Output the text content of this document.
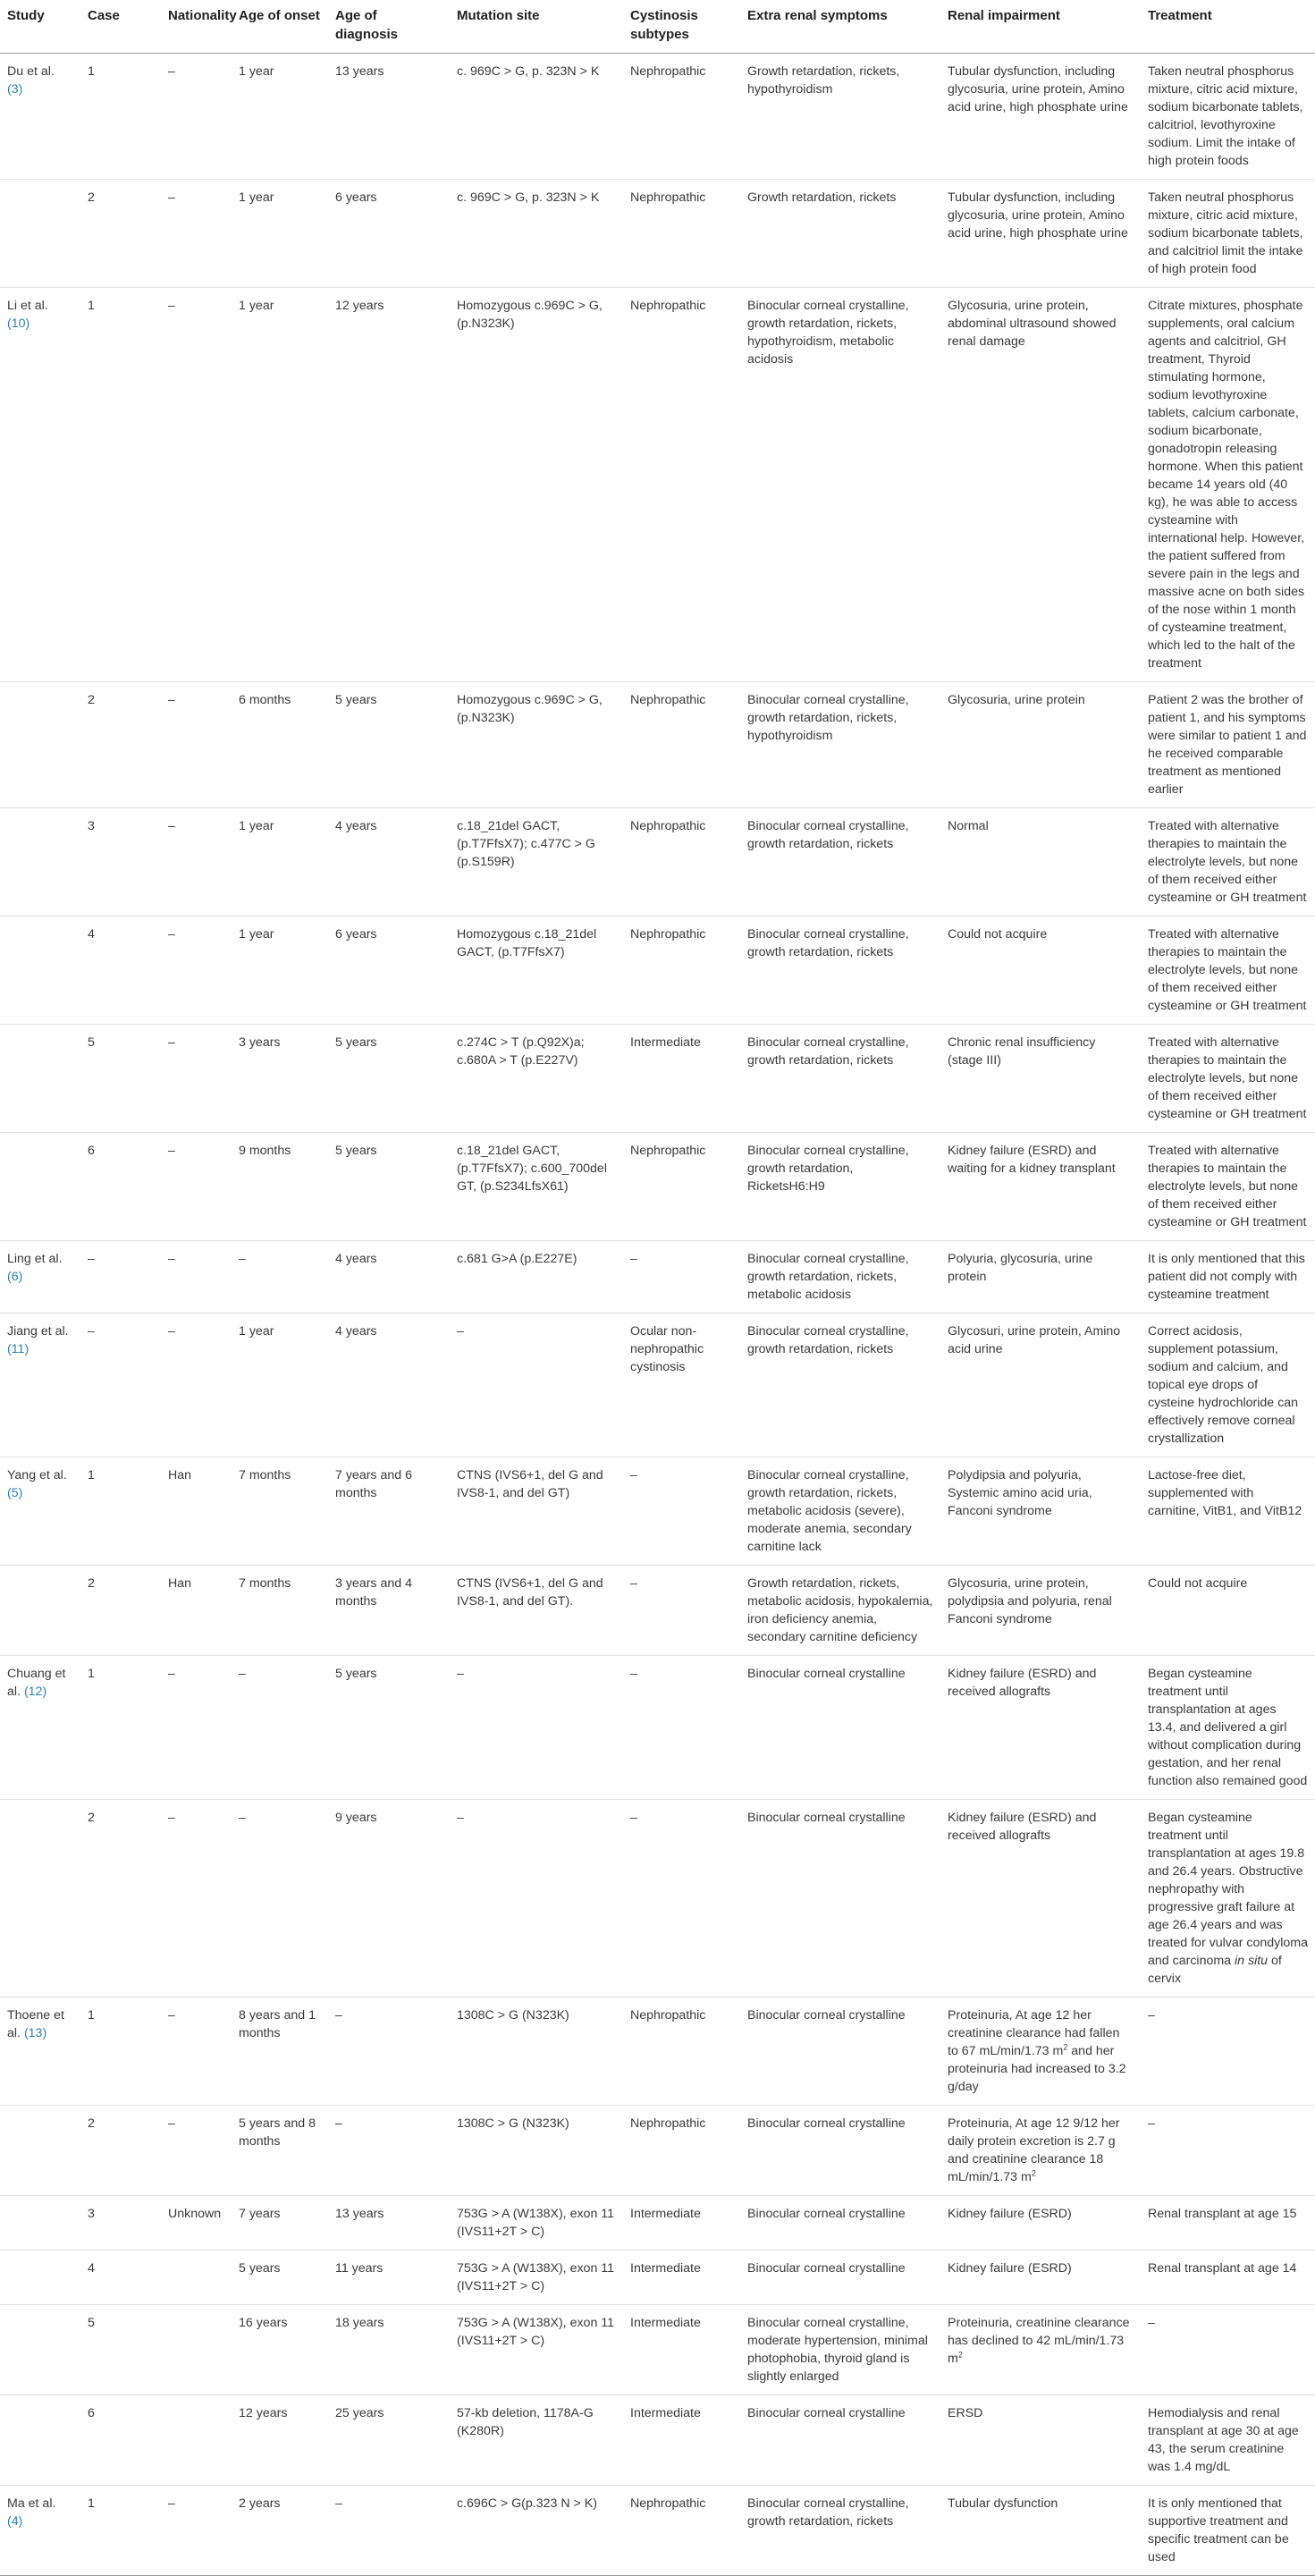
Study	Case	Nationality	Age of onset	Age of diagnosis	Mutation site	Cystinosis subtypes	Extra renal symptoms	Renal impairment	Treatment
Du et al. (3)	1	–	1 year	13 years	c. 969C > G, p. 323N > K	Nephropathic	Growth retardation, rickets, hypothyroidism	Tubular dysfunction, including glycosuria, urine protein, Amino acid urine, high phosphate urine	Taken neutral phosphorus mixture, citric acid mixture, sodium bicarbonate tablets, calcitriol, levothyroxine sodium. Limit the intake of high protein foods
	2	–	1 year	6 years	c. 969C > G, p. 323N > K	Nephropathic	Growth retardation, rickets	Tubular dysfunction, including glycosuria, urine protein, Amino acid urine, high phosphate urine	Taken neutral phosphorus mixture, citric acid mixture, sodium bicarbonate tablets, and calcitriol limit the intake of high protein food
Li et al. (10)	1	–	1 year	12 years	Homozygous c.969C > G, (p.N323K)	Nephropathic	Binocular corneal crystalline, growth retardation, rickets, hypothyroidism, metabolic acidosis	Glycosuria, urine protein, abdominal ultrasound showed renal damage	Citrate mixtures, phosphate supplements, oral calcium agents and calcitriol, GH treatment, Thyroid stimulating hormone, sodium levothyroxine tablets, calcium carbonate, sodium bicarbonate, gonadotropin releasing hormone. When this patient became 14 years old (40 kg), he was able to access cysteamine with international help. However, the patient suffered from severe pain in the legs and massive acne on both sides of the nose within 1 month of cysteamine treatment, which led to the halt of the treatment
	2	–	6 months	5 years	Homozygous c.969C > G, (p.N323K)	Nephropathic	Binocular corneal crystalline, growth retardation, rickets, hypothyroidism	Glycosuria, urine protein	Patient 2 was the brother of patient 1, and his symptoms were similar to patient 1 and he received comparable treatment as mentioned earlier
	3	–	1 year	4 years	c.18_21del GACT, (p.T7FfsX7); c.477C > G (p.S159R)	Nephropathic	Binocular corneal crystalline, growth retardation, rickets	Normal	Treated with alternative therapies to maintain the electrolyte levels, but none of them received either cysteamine or GH treatment
	4	–	1 year	6 years	Homozygous c.18_21del GACT, (p.T7FfsX7)	Nephropathic	Binocular corneal crystalline, growth retardation, rickets	Could not acquire	Treated with alternative therapies to maintain the electrolyte levels, but none of them received either cysteamine or GH treatment
	5	–	3 years	5 years	c.274C > T (p.Q92X)a; c.680A > T (p.E227V)	Intermediate	Binocular corneal crystalline, growth retardation, rickets	Chronic renal insufficiency (stage III)	Treated with alternative therapies to maintain the electrolyte levels, but none of them received either cysteamine or GH treatment
	6	–	9 months	5 years	c.18_21del GACT, (p.T7FfsX7); c.600_700del GT, (p.S234LfsX61)	Nephropathic	Binocular corneal crystalline, growth retardation, RicketsH6:H9	Kidney failure (ESRD) and waiting for a kidney transplant	Treated with alternative therapies to maintain the electrolyte levels, but none of them received either cysteamine or GH treatment
Ling et al. (6)	–	–	–	4 years	c.681 G>A (p.E227E)	–	Binocular corneal crystalline, growth retardation, rickets, metabolic acidosis	Polyuria, glycosuria, urine protein	It is only mentioned that this patient did not comply with cysteamine treatment
Jiang et al. (11)	–	–	1 year	4 years	–	Ocular non-nephropathic cystinosis	Binocular corneal crystalline, growth retardation, rickets	Glycosuri, urine protein, Amino acid urine	Correct acidosis, supplement potassium, sodium and calcium, and topical eye drops of cysteine hydrochloride can effectively remove corneal crystallization
Yang et al. (5)	1	Han	7 months	7 years and 6 months	CTNS (IVS6+1, del G and IVS8-1, and del GT)	–	Binocular corneal crystalline, growth retardation, rickets, metabolic acidosis (severe), moderate anemia, secondary carnitine lack	Polydipsia and polyuria, Systemic amino acid uria, Fanconi syndrome	Lactose-free diet, supplemented with carnitine, VitB1, and VitB12
	2	Han	7 months	3 years and 4 months	CTNS (IVS6+1, del G and IVS8-1, and del GT).	–	Growth retardation, rickets, metabolic acidosis, hypokalemia, iron deficiency anemia, secondary carnitine deficiency	Glycosuria, urine protein, polydipsia and polyuria, renal Fanconi syndrome	Could not acquire
Chuang et al. (12)	1	–	–	5 years	–	–	Binocular corneal crystalline	Kidney failure (ESRD) and received allografts	Began cysteamine treatment until transplantation at ages 13.4, and delivered a girl without complication during gestation, and her renal function also remained good
	2	–	–	9 years	–	–	Binocular corneal crystalline	Kidney failure (ESRD) and received allografts	Began cysteamine treatment until transplantation at ages 19.8 and 26.4 years. Obstructive nephropathy with progressive graft failure at age 26.4 years and was treated for vulvar condyloma and carcinoma in situ of cervix
Thoene et al. (13)	1	–	8 years and 1 months	–	1308C > G (N323K)	Nephropathic	Binocular corneal crystalline	Proteinuria, At age 12 her creatinine clearance had fallen to 67 mL/min/1.73 $m^2$ and her proteinuria had increased to 3.2 g/day	–
	2	–	5 years and 8 months	–	1308C > G (N323K)	Nephropathic	Binocular corneal crystalline	Proteinuria, At age 12 9/12 her daily protein excretion is 2.7 g and creatinine clearance 18 mL/min/1.73 $m^2$	–
	3	Unknown	7 years	13 years	753G > A (W138X), exon 11 (IVS11+2T > C)	Intermediate	Binocular corneal crystalline	Kidney failure (ESRD)	Renal transplant at age 15
	4		5 years	11 years	753G > A (W138X), exon 11 (IVS11+2T > C)	Intermediate	Binocular corneal crystalline	Kidney failure (ESRD)	Renal transplant at age 14
	5		16 years	18 years	753G > A (W138X), exon 11 (IVS11+2T > C)	Intermediate	Binocular corneal crystalline, moderate hypertension, minimal photophobia, thyroid gland is slightly enlarged	Proteinuria, creatinine clearance has declined to 42 mL/min/1.73 $m^2$	–
	6		12 years	25 years	57-kb deletion, 1178A-G (K280R)	Intermediate	Binocular corneal crystalline	ERSD	Hemodialysis and renal transplant at age 30 at age 43, the serum creatinine was 1.4 mg/dL
Ma et al. (4)	1	–	2 years	–	c.696C > G(p.323 N > K)	Nephropathic	Binocular corneal crystalline, growth retardation, rickets	Tubular dysfunction	It is only mentioned that supportive treatment and specific treatment can be used
